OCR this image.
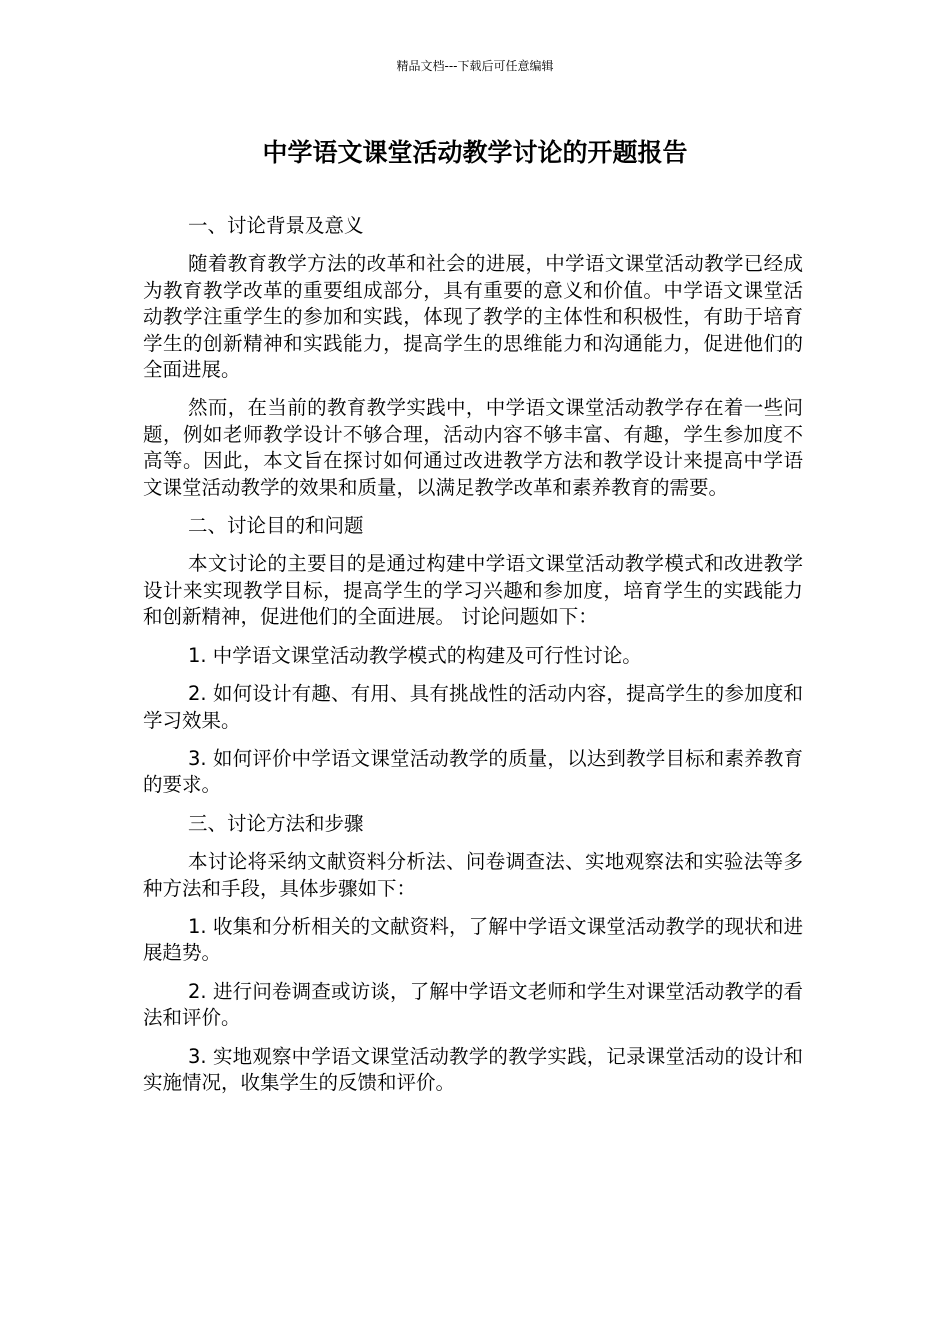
精品文档---下载后可任意编辑
中学语文课堂活动教学讨论的开题报告

一、讨论背景及意义

随着教育教学方法的改革和社会的进展，中学语文课堂活动教学已经成为教育教学改革的重要组成部分，具有重要的意义和价值。中学语文课堂活动教学注重学生的参加和实践，体现了教学的主体性和积极性，有助于培育学生的创新精神和实践能力，提高学生的思维能力和沟通能力，促进他们的全面进展。

然而，在当前的教育教学实践中，中学语文课堂活动教学存在着一些问题，例如老师教学设计不够合理，活动内容不够丰富、有趣，学生参加度不高等。因此，本文旨在探讨如何通过改进教学方法和教学设计来提高中学语文课堂活动教学的效果和质量，以满足教学改革和素养教育的需要。

二、讨论目的和问题

本文讨论的主要目的是通过构建中学语文课堂活动教学模式和改进教学设计来实现教学目标，提高学生的学习兴趣和参加度，培育学生的实践能力和创新精神，促进他们的全面进展。 讨论问题如下：

1. 中学语文课堂活动教学模式的构建及可行性讨论。

2. 如何设计有趣、有用、具有挑战性的活动内容，提高学生的参加度和学习效果。

3. 如何评价中学语文课堂活动教学的质量，以达到教学目标和素养教育的要求。

三、讨论方法和步骤

本讨论将采纳文献资料分析法、问卷调查法、实地观察法和实验法等多种方法和手段，具体步骤如下：

1. 收集和分析相关的文献资料，了解中学语文课堂活动教学的现状和进展趋势。

2. 进行问卷调查或访谈，了解中学语文老师和学生对课堂活动教学的看法和评价。

3. 实地观察中学语文课堂活动教学的教学实践，记录课堂活动的设计和实施情况，收集学生的反馈和评价。
